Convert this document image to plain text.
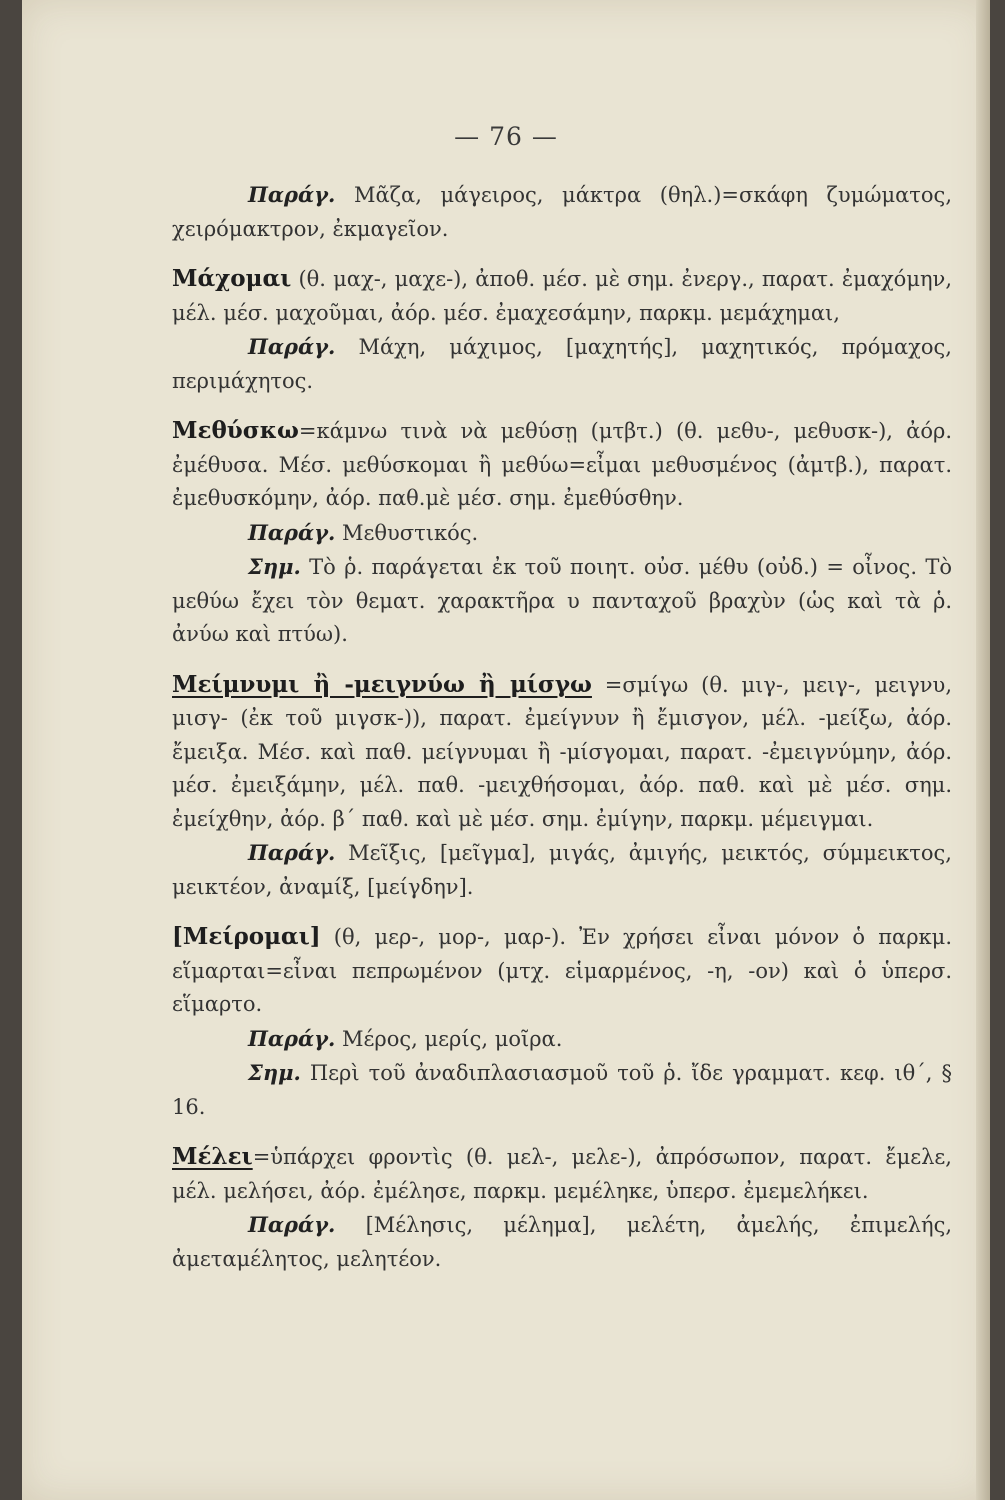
— 76 —

Παράγ. Μᾶζα, μάγειρος, μάκτρα (θηλ.)=σκάφη ζυμώματος, χειρόμακτρον, ἐκμαγεῖον.

Μάχομαι (θ. μαχ-, μαχε-), ἀποθ. μέσ. μὲ σημ. ἐνεργ., παρατ. ἐμαχόμην, μέλ. μέσ. μαχοῦμαι, ἀόρ. μέσ. ἐμαχεσάμην, παρκμ. μεμάχημαι,

Παράγ. Μάχη, μάχιμος, [μαχητής], μαχητικός, πρόμαχος, περιμάχητος.

Μεθύσκω=κάμνω τινὰ νὰ μεθύσῃ (μτβτ.) (θ. μεθυ-, μεθυσκ-), ἀόρ. ἐμέθυσα. Μέσ. μεθύσκομαι ἢ μεθύω=εἶμαι μεθυσμένος (ἀμτβ.), παρατ. ἐμεθυσκόμην, ἀόρ. παθ.μὲ μέσ. σημ. ἐμεθύσθην.

Παράγ. Μεθυστικός.

Σημ. Τὸ ῥ. παράγεται ἐκ τοῦ ποιητ. οὐσ. μέθυ (οὐδ.) = οἶνος. Τὸ μεθύω ἔχει τὸν θεματ. χαρακτῆρα υ πανταχοῦ βραχὺν (ὡς καὶ τὰ ῥ. ἀνύω καὶ πτύω).

Μείμνυμι ἢ -μειγνύω ἢ μίσγω =σμίγω (θ. μιγ-, μειγ-, μειγνυ, μισγ- (ἐκ τοῦ μιγσκ-)), παρατ. ἐμείγνυν ἢ ἔμισγον, μέλ. -μείξω, ἀόρ. ἔμειξα. Μέσ. καὶ παθ. μείγνυμαι ἢ -μίσγομαι, παρατ. -ἐμειγνύμην, ἀόρ. μέσ. ἐμειξάμην, μέλ. παθ. -μειχθήσομαι, ἀόρ. παθ. καὶ μὲ μέσ. σημ. ἐμείχθην, ἀόρ. β΄ παθ. καὶ μὲ μέσ. σημ. ἐμίγην, παρκμ. μέμειγμαι.

Παράγ. Μεῖξις, [μεῖγμα], μιγάς, ἀμιγής, μεικτός, σύμμεικτος, μεικτέον, ἀναμίξ, [μείγδην].

[Μείρομαι] (θ, μερ-, μορ-, μαρ-). Ἐν χρήσει εἶναι μόνον ὁ παρκμ. εἵμαρται=εἶναι πεπρωμένον (μτχ. εἱμαρμένος, -η, -ον) καὶ ὁ ὑπερσ. εἵμαρτο.

Παράγ. Μέρος, μερίς, μοῖρα.

Σημ. Περὶ τοῦ ἀναδιπλασιασμοῦ τοῦ ῥ. ἴδε γραμματ. κεφ. ιθ΄, § 16.

Μέλει=ὑπάρχει φροντὶς (θ. μελ-, μελε-), ἀπρόσωπον, παρατ. ἔμελε, μέλ. μελήσει, ἀόρ. ἐμέλησε, παρκμ. μεμέληκε, ὑπερσ. ἐμεμελήκει.

Παράγ. [Μέλησις, μέλημα], μελέτη, ἀμελής, ἐπιμελής, ἀμεταμέλητος, μελητέον.
